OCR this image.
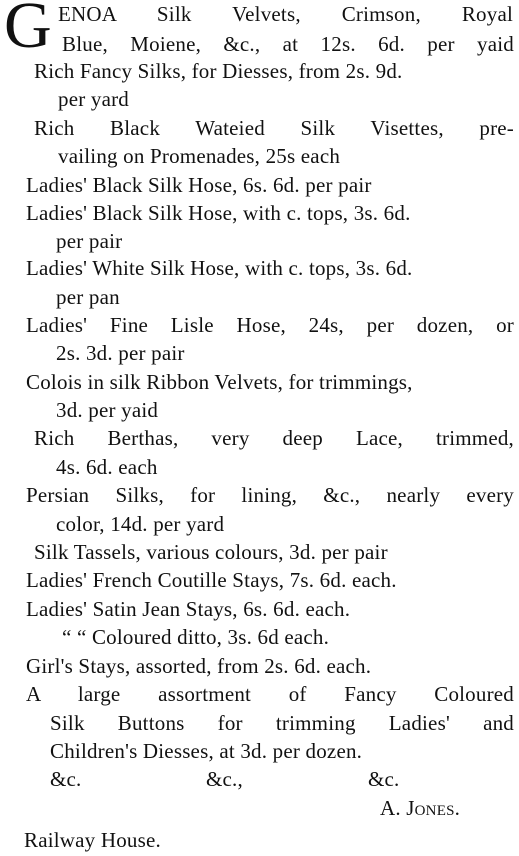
G ENOA Silk Velvets, Crimson, Royal
Blue, Moiene, &c., at 12s. 6d. per yaid
Rich Fancy Silks, for Diesses, from 2s. 9d.
per yard
Rich Black Wateied Silk Visettes, pre-
vailing on Promenades, 25s each
Ladies' Black Silk Hose, 6s. 6d. per pair
Ladies' Black Silk Hose, with c. tops, 3s. 6d.
per pair
Ladies' White Silk Hose, with c. tops, 3s. 6d.
per pan
Ladies' Fine Lisle Hose, 24s, per dozen, or
2s. 3d. per pair
Colois in silk Ribbon Velvets, for trimmings,
3d. per yaid
Rich Berthas, very deep Lace, trimmed,
4s. 6d. each
Persian Silks, for lining, &c., nearly every
color, 14d. per yard
Silk Tassels, various colours, 3d. per pair
Ladies' French Coutille Stays, 7s. 6d. each.
Ladies' Satin Jean Stays, 6s. 6d. each.
“ “ Coloured ditto, 3s. 6d each.
Girl's Stays, assorted, from 2s. 6d. each.
A large assortment of Fancy Coloured
Silk Buttons for trimming Ladies' and
Children's Diesses, at 3d. per dozen.
&c.	&c.,	&c.
A. Jones.
Railway House.
